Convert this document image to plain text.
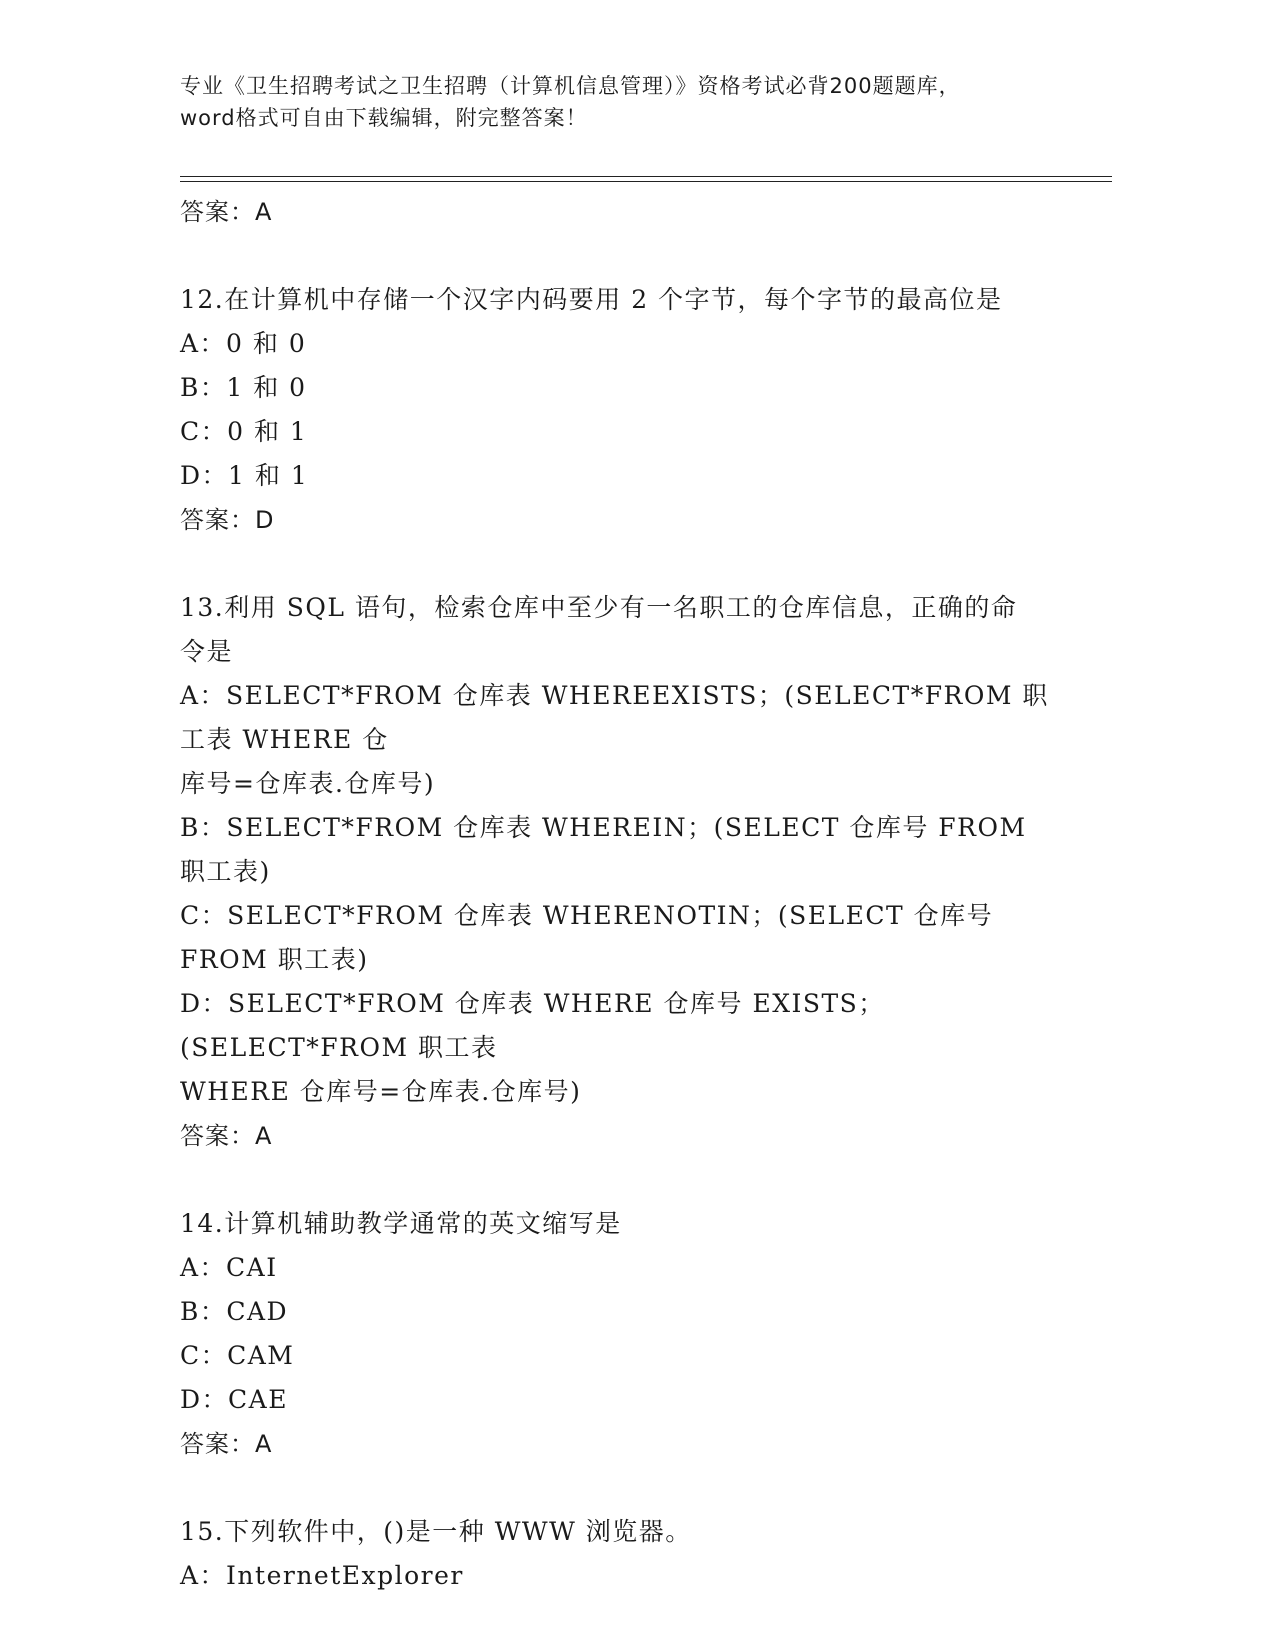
专业《卫生招聘考试之卫生招聘（计算机信息管理）》资格考试必背200题题库，
word格式可自由下载编辑，附完整答案！
答案：A
12.在计算机中存储一个汉字内码要用 2 个字节，每个字节的最高位是
A：0 和 0
B：1 和 0
C：0 和 1
D：1 和 1
答案：D
13.利用 SQL 语句，检索仓库中至少有一名职工的仓库信息，正确的命
令是
A：SELECT*FROM 仓库表 WHEREEXISTS；(SELECT*FROM 职工表 WHERE 仓
库号=仓库表.仓库号)
B：SELECT*FROM 仓库表 WHEREIN；(SELECT 仓库号 FROM 职工表)
C：SELECT*FROM 仓库表 WHERENOTIN；(SELECT 仓库号 FROM 职工表)
D：SELECT*FROM 仓库表 WHERE 仓库号 EXISTS；(SELECT*FROM 职工表
WHERE 仓库号=仓库表.仓库号)
答案：A
14.计算机辅助教学通常的英文缩写是
A：CAI
B：CAD
C：CAM
D：CAE
答案：A
15.下列软件中，()是一种 WWW 浏览器。
A：InternetExplorer
